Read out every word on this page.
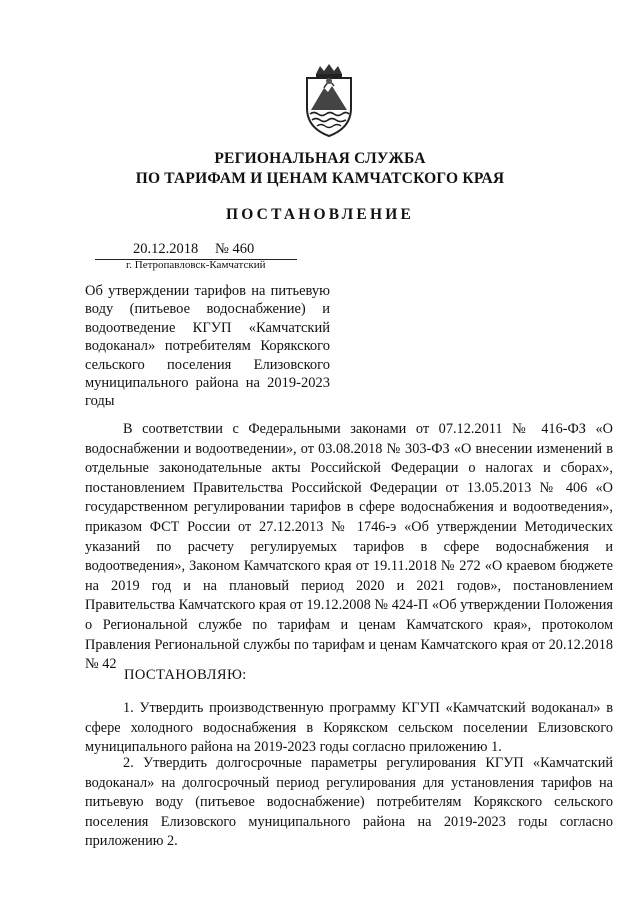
РЕГИОНАЛЬНАЯ СЛУЖБА
ПО ТАРИФАМ И ЦЕНАМ КАМЧАТСКОГО КРАЯ
ПОСТАНОВЛЕНИЕ
20.12.2018 № 460
г. Петропавловск-Камчатский
Об утверждении тарифов на питьевую воду (питьевое водоснабжение) и водоотведение КГУП «Камчатский водоканал» потребителям Корякского сельского поселения Елизовского муниципального района на 2019-2023 годы

В соответствии с Федеральными законами от 07.12.2011 № 416-ФЗ «О водоснабжении и водоотведении», от 03.08.2018 № 303-ФЗ «О внесении изменений в отдельные законодательные акты Российской Федерации о налогах и сборах», постановлением Правительства Российской Федерации от 13.05.2013 № 406 «О государственном регулировании тарифов в сфере водоснабжения и водоотведения», приказом ФСТ России от 27.12.2013 № 1746-э «Об утверждении Методических указаний по расчету регулируемых тарифов в сфере водоснабжения и водоотведения», Законом Камчатского края от 19.11.2018 № 272 «О краевом бюджете на 2019 год и на плановый период 2020 и 2021 годов», постановлением Правительства Камчатского края от 19.12.2008 № 424-П «Об утверждении Положения о Региональной службе по тарифам и ценам Камчатского края», протоколом Правления Региональной службы по тарифам и ценам Камчатского края от 20.12.2018 № 42

ПОСТАНОВЛЯЮ:

1. Утвердить производственную программу КГУП «Камчатский водоканал» в сфере холодного водоснабжения в Корякском сельском поселении Елизовского муниципального района на 2019-2023 годы согласно приложению 1.

2. Утвердить долгосрочные параметры регулирования КГУП «Камчатский водоканал» на долгосрочный период регулирования для установления тарифов на питьевую воду (питьевое водоснабжение) потребителям Корякского сельского поселения Елизовского муниципального района на 2019-2023 годы согласно приложению 2.
